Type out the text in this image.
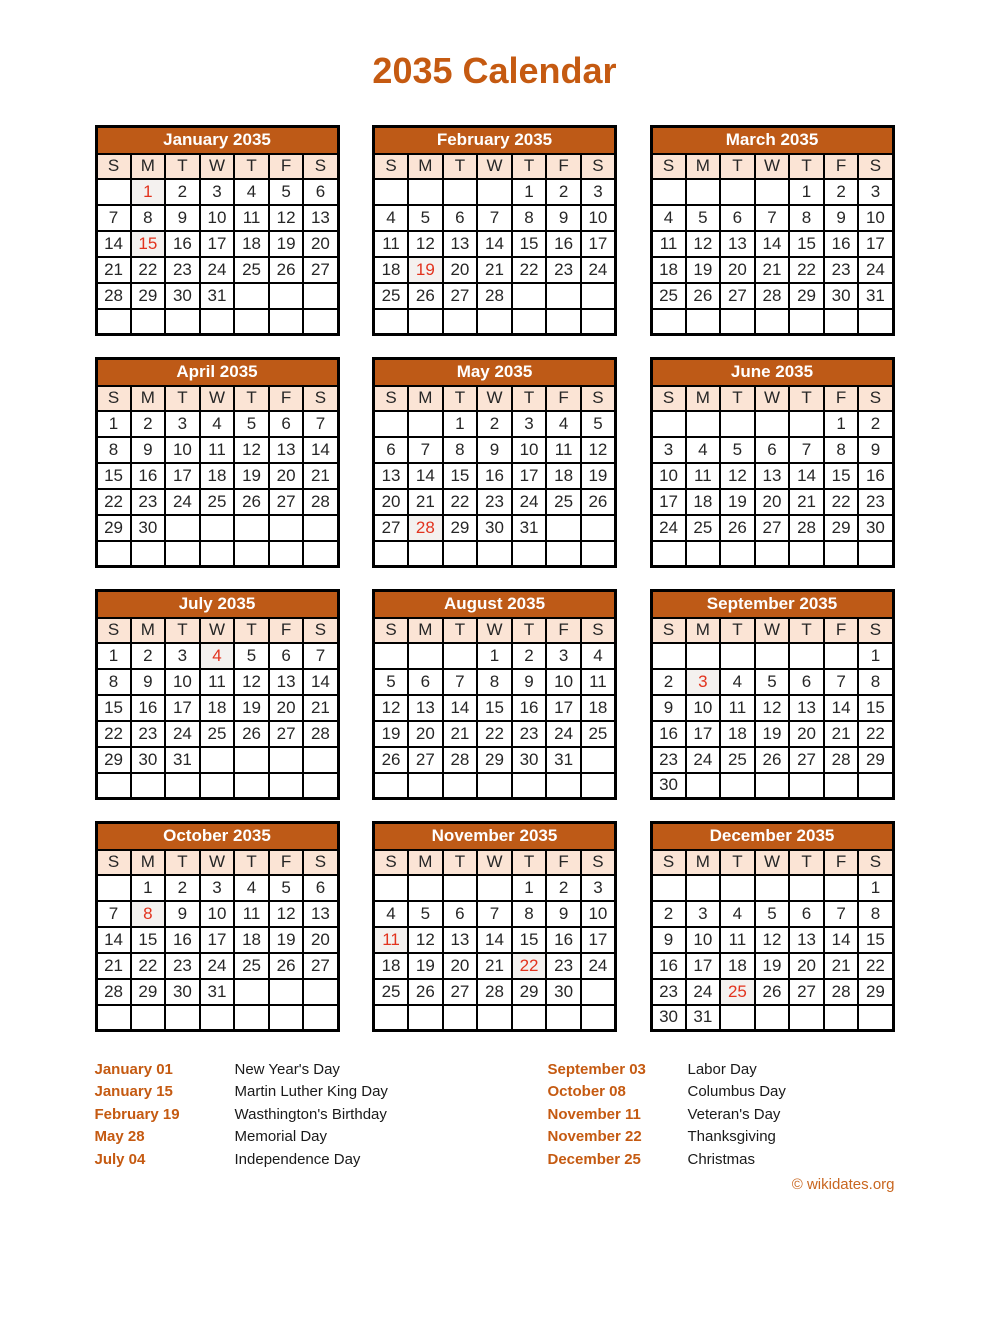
2035 Calendar
January 2035						
S	M	T	W	T	F	S
	1	2	3	4	5	6
7	8	9	10	11	12	13
14	15	16	17	18	19	20
21	22	23	24	25	26	27
28	29	30	31			

February 2035						
S	M	T	W	T	F	S
				1	2	3
4	5	6	7	8	9	10
11	12	13	14	15	16	17
18	19	20	21	22	23	24
25	26	27	28			

March 2035						
S	M	T	W	T	F	S
				1	2	3
4	5	6	7	8	9	10
11	12	13	14	15	16	17
18	19	20	21	22	23	24
25	26	27	28	29	30	31

April 2035						
S	M	T	W	T	F	S
1	2	3	4	5	6	7
8	9	10	11	12	13	14
15	16	17	18	19	20	21
22	23	24	25	26	27	28
29	30					

May 2035						
S	M	T	W	T	F	S
		1	2	3	4	5
6	7	8	9	10	11	12
13	14	15	16	17	18	19
20	21	22	23	24	25	26
27	28	29	30	31		

June 2035						
S	M	T	W	T	F	S
					1	2
3	4	5	6	7	8	9
10	11	12	13	14	15	16
17	18	19	20	21	22	23
24	25	26	27	28	29	30

July 2035						
S	M	T	W	T	F	S
1	2	3	4	5	6	7
8	9	10	11	12	13	14
15	16	17	18	19	20	21
22	23	24	25	26	27	28
29	30	31				

August 2035						
S	M	T	W	T	F	S
			1	2	3	4
5	6	7	8	9	10	11
12	13	14	15	16	17	18
19	20	21	22	23	24	25
26	27	28	29	30	31	

September 2035						
S	M	T	W	T	F	S
						1
2	3	4	5	6	7	8
9	10	11	12	13	14	15
16	17	18	19	20	21	22
23	24	25	26	27	28	29
30						
October 2035						
S	M	T	W	T	F	S
	1	2	3	4	5	6
7	8	9	10	11	12	13
14	15	16	17	18	19	20
21	22	23	24	25	26	27
28	29	30	31			

November 2035						
S	M	T	W	T	F	S
				1	2	3
4	5	6	7	8	9	10
11	12	13	14	15	16	17
18	19	20	21	22	23	24
25	26	27	28	29	30	

December 2035						
S	M	T	W	T	F	S
						1
2	3	4	5	6	7	8
9	10	11	12	13	14	15
16	17	18	19	20	21	22
23	24	25	26	27	28	29
30	31					
January 01	New Year's Day
January 15	Martin Luther King Day
February 19	Wasthington's Birthday
May 28	Memorial Day
July 04	Independence Day
September 03	Labor Day
October 08	Columbus Day
November 11	Veteran's Day
November 22	Thanksgiving
December 25	Christmas
© wikidates.org
